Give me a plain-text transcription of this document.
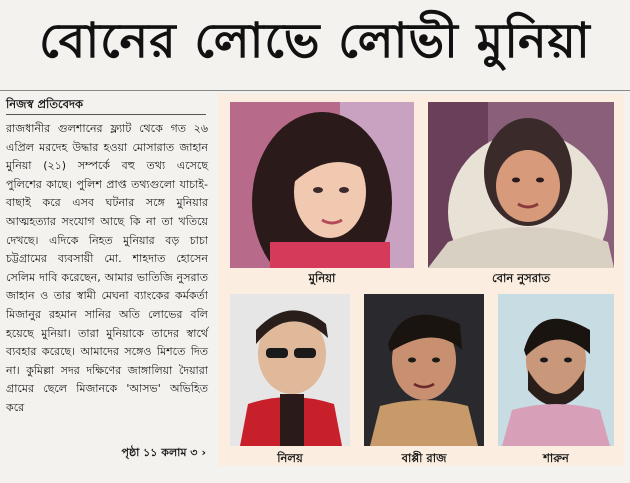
বোনের লোভে লোভী মুনিয়া
নিজস্ব প্রতিবেদক

রাজধানীর গুলশানের ফ্ল্যাট থেকে গত ২৬ এপ্রিল মরদেহ উদ্ধার হওয়া মোসারাত জাহান মুনিয়া (২১) সম্পর্কে বহু তথ্য এসেছে পুলিশের কাছে। পুলিশ প্রাপ্ত তথ্যগুলো যাচাই-বাছাই করে এসব ঘটনার সঙ্গে মুনিয়ার আত্মহত্যার সংযোগ আছে কি না তা খতিয়ে দেখছে। এদিকে নিহত মুনিয়ার বড় চাচা চট্টগ্রামের ব্যবসায়ী মো. শাহদাত হোসেন সেলিম দাবি করেছেন, আমার ভাতিজি নুসরাত জাহান ও তার স্বামী মেঘনা ব্যাংকের কর্মকর্তা মিজানুর রহমান সানির অতি লোভের বলি হয়েছে মুনিয়া। তারা মুনিয়াকে তাদের স্বার্থে ব্যবহার করেছে। আমাদের সঙ্গেও মিশতে দিত না। কুমিল্লা সদর দক্ষিণের জাঙ্গালিয়া দৈয়ারা গ্রামের ছেলে মিজানকে 'আসভ' অভিহিত করে

পৃষ্ঠা ১১ কলাম ৩ ›
মুনিয়া	বোন নুসরাত
নিলয়	বাপ্পী রাজ	শারুন
